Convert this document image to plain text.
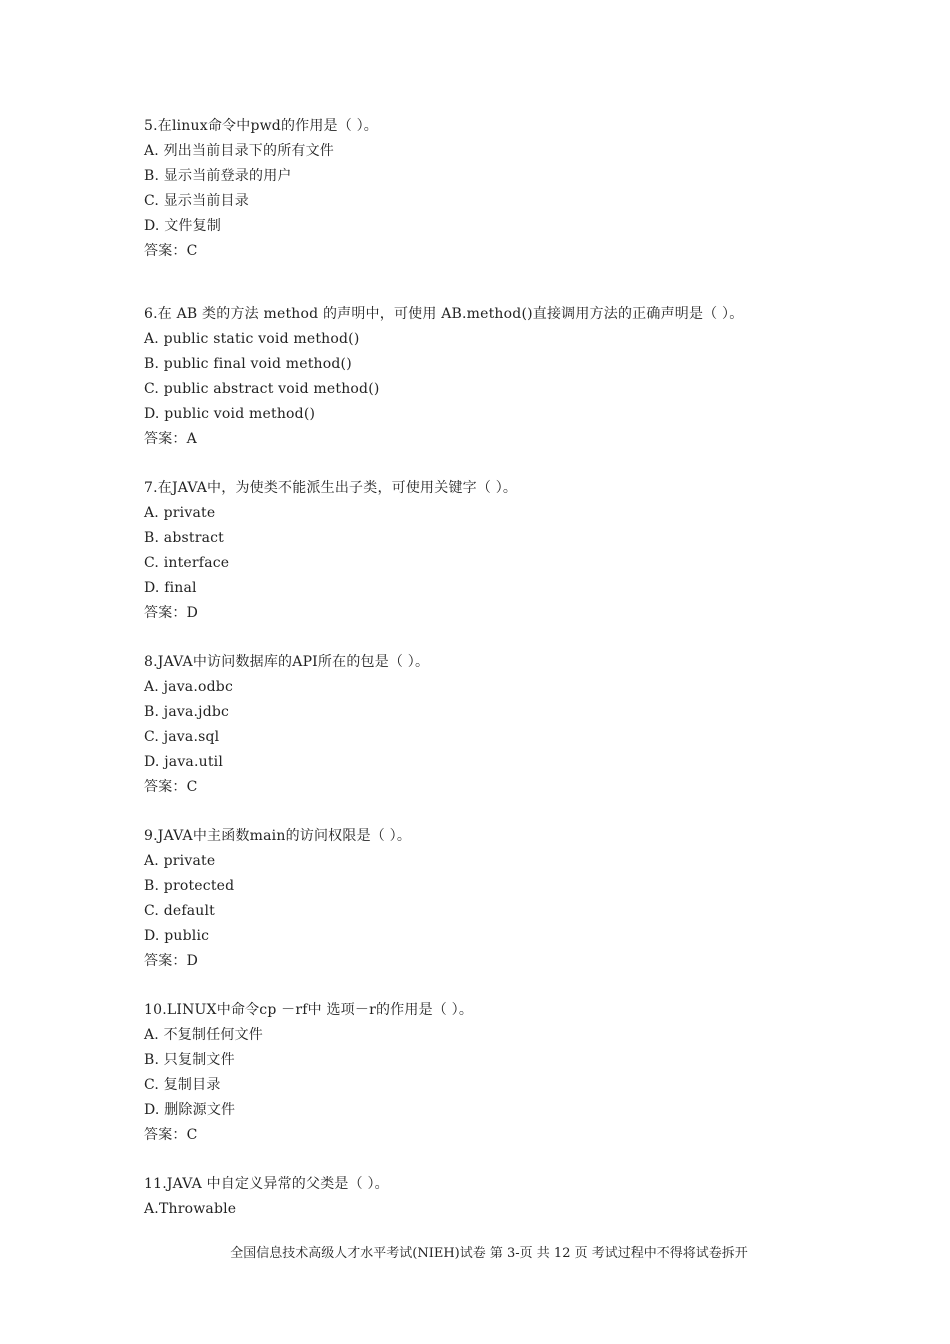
5.在linux命令中pwd的作用是（ ）。
A. 列出当前目录下的所有文件
B. 显示当前登录的用户
C. 显示当前目录
D. 文件复制
答案：C
6.在 AB 类的方法 method 的声明中，可使用 AB.method()直接调用方法的正确声明是（ ）。
A. public static void method()
B. public final void method()
C. public abstract void method()
D. public void method()
答案：A
7.在JAVA中，为使类不能派生出子类，可使用关键字（ ）。
A. private
B. abstract
C. interface
D. final
答案：D
8.JAVA中访问数据库的API所在的包是（ ）。
A. java.odbc
B. java.jdbc
C. java.sql
D. java.util
答案：C
9.JAVA中主函数main的访问权限是（ ）。
A. private
B. protected
C. default
D. public
答案：D
10.LINUX中命令cp －rf中 选项－r的作用是（ ）。
A. 不复制任何文件
B. 只复制文件
C. 复制目录
D. 删除源文件
答案：C
11.JAVA 中自定义异常的父类是（ ）。
A.Throwable
全国信息技术高级人才水平考试(NIEH)试卷 第 3-页 共 12 页 考试过程中不得将试卷拆开
